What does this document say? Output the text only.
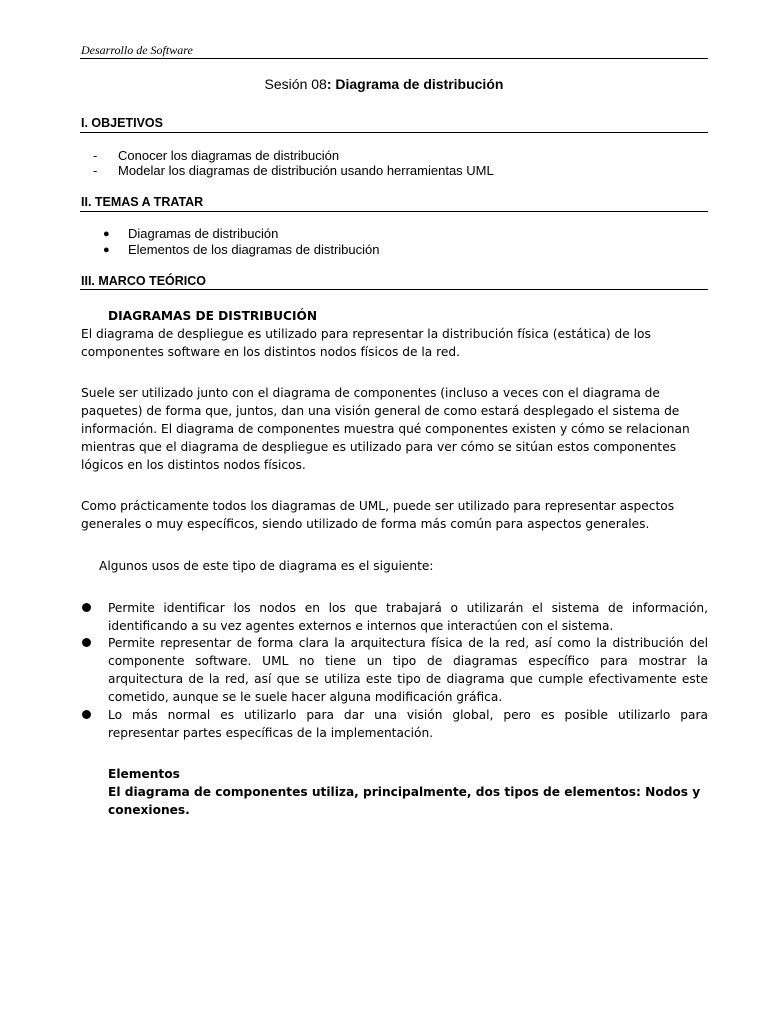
Desarrollo de Software
Sesión 08: Diagrama de distribución
I. OBJETIVOS
- Conocer los diagramas de distribución
- Modelar los diagramas de distribución usando herramientas UML
II. TEMAS A TRATAR
● Diagramas de distribución
● Elementos de los diagramas de distribución
III. MARCO TEÓRICO
DIAGRAMAS DE DISTRIBUCIÓN
El diagrama de despliegue es utilizado para representar la distribución física (estática) de los
componentes software en los distintos nodos físicos de la red.
Suele ser utilizado junto con el diagrama de componentes (incluso a veces con el diagrama de
paquetes) de forma que, juntos, dan una visión general de como estará desplegado el sistema de
información. El diagrama de componentes muestra qué componentes existen y cómo se relacionan
mientras que el diagrama de despliegue es utilizado para ver cómo se sitúan estos componentes
lógicos en los distintos nodos físicos.
Como prácticamente todos los diagramas de UML, puede ser utilizado para representar aspectos
generales o muy específicos, siendo utilizado de forma más común para aspectos generales.
Algunos usos de este tipo de diagrama es el siguiente:
Permite identificar los nodos en los que trabajará o utilizarán el sistema de información,
identificando a su vez agentes externos e internos que interactúen con el sistema.
Permite representar de forma clara la arquitectura física de la red, así como la distribución del
componente software. UML no tiene un tipo de diagramas específico para mostrar la
arquitectura de la red, así que se utiliza este tipo de diagrama que cumple efectivamente este
cometido, aunque se le suele hacer alguna modificación gráfica.
Lo más normal es utilizarlo para dar una visión global, pero es posible utilizarlo para
representar partes específicas de la implementación.
Elementos
El diagrama de componentes utiliza, principalmente, dos tipos de elementos: Nodos y
conexiones.
